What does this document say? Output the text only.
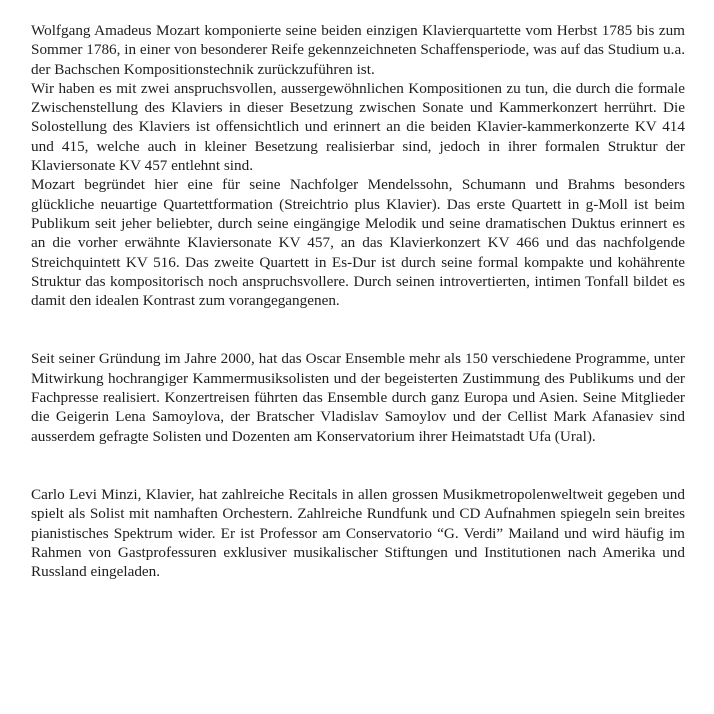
Wolfgang Amadeus Mozart komponierte seine beiden einzigen Klavierquartette vom Herbst 1785 bis zum Sommer 1786, in einer von besonderer Reife gekennzeichneten Schaffensperiode, was auf das Studium u.a. der Bachschen Kompositionstechnik zurückzuführen ist.

Wir haben es mit zwei anspruchsvollen, aussergewöhnlichen Kompositionen zu tun, die durch die formale Zwischenstellung des Klaviers in dieser Besetzung zwischen Sonate und Kammerkonzert herrührt. Die Solostellung des Klaviers ist offensichtlich und erinnert an die beiden Klavier-kammerkonzerte KV 414 und 415, welche auch in kleiner Besetzung realisierbar sind, jedoch in ihrer formalen Struktur der Klaviersonate KV 457 entlehnt sind.

Mozart begründet hier eine für seine Nachfolger Mendelssohn, Schumann und Brahms besonders glückliche neuartige Quartettformation (Streichtrio plus Klavier). Das erste Quartett in g-Moll ist beim Publikum seit jeher beliebter, durch seine eingängige Melodik und seine dramatischen Duktus erinnert es an die vorher erwähnte Klaviersonate KV 457, an das Klavierkonzert KV 466 und das nachfolgende Streichquintett KV 516. Das zweite Quartett in Es-Dur ist durch seine formal kompakte und kohährente Struktur das kompositorisch noch anspruchsvollere. Durch seinen introvertierten, intimen Tonfall bildet es damit den idealen Kontrast zum vorangegangenen.

Seit seiner Gründung im Jahre 2000, hat das Oscar Ensemble mehr als 150 verschiedene Programme, unter Mitwirkung hochrangiger Kammermusiksolisten und der begeisterten Zustimmung des Publikums und der Fachpresse realisiert. Konzertreisen führten das Ensemble durch ganz Europa und Asien. Seine Mitglieder die Geigerin Lena Samoylova, der Bratscher Vladislav Samoylov und der Cellist Mark Afanasiev sind ausserdem gefragte Solisten und Dozenten am Konservatorium ihrer Heimatstadt Ufa (Ural).

Carlo Levi Minzi, Klavier, hat zahlreiche Recitals in allen grossen Musikmetropolenweltweit gegeben und spielt als Solist mit namhaften Orchestern. Zahlreiche Rundfunk und CD Aufnahmen spiegeln sein breites pianistisches Spektrum wider. Er ist Professor am Conservatorio “G. Verdi” Mailand und wird häufig im Rahmen von Gastprofessuren exklusiver musikalischer Stiftungen und Institutionen nach Amerika und Russland eingeladen.
